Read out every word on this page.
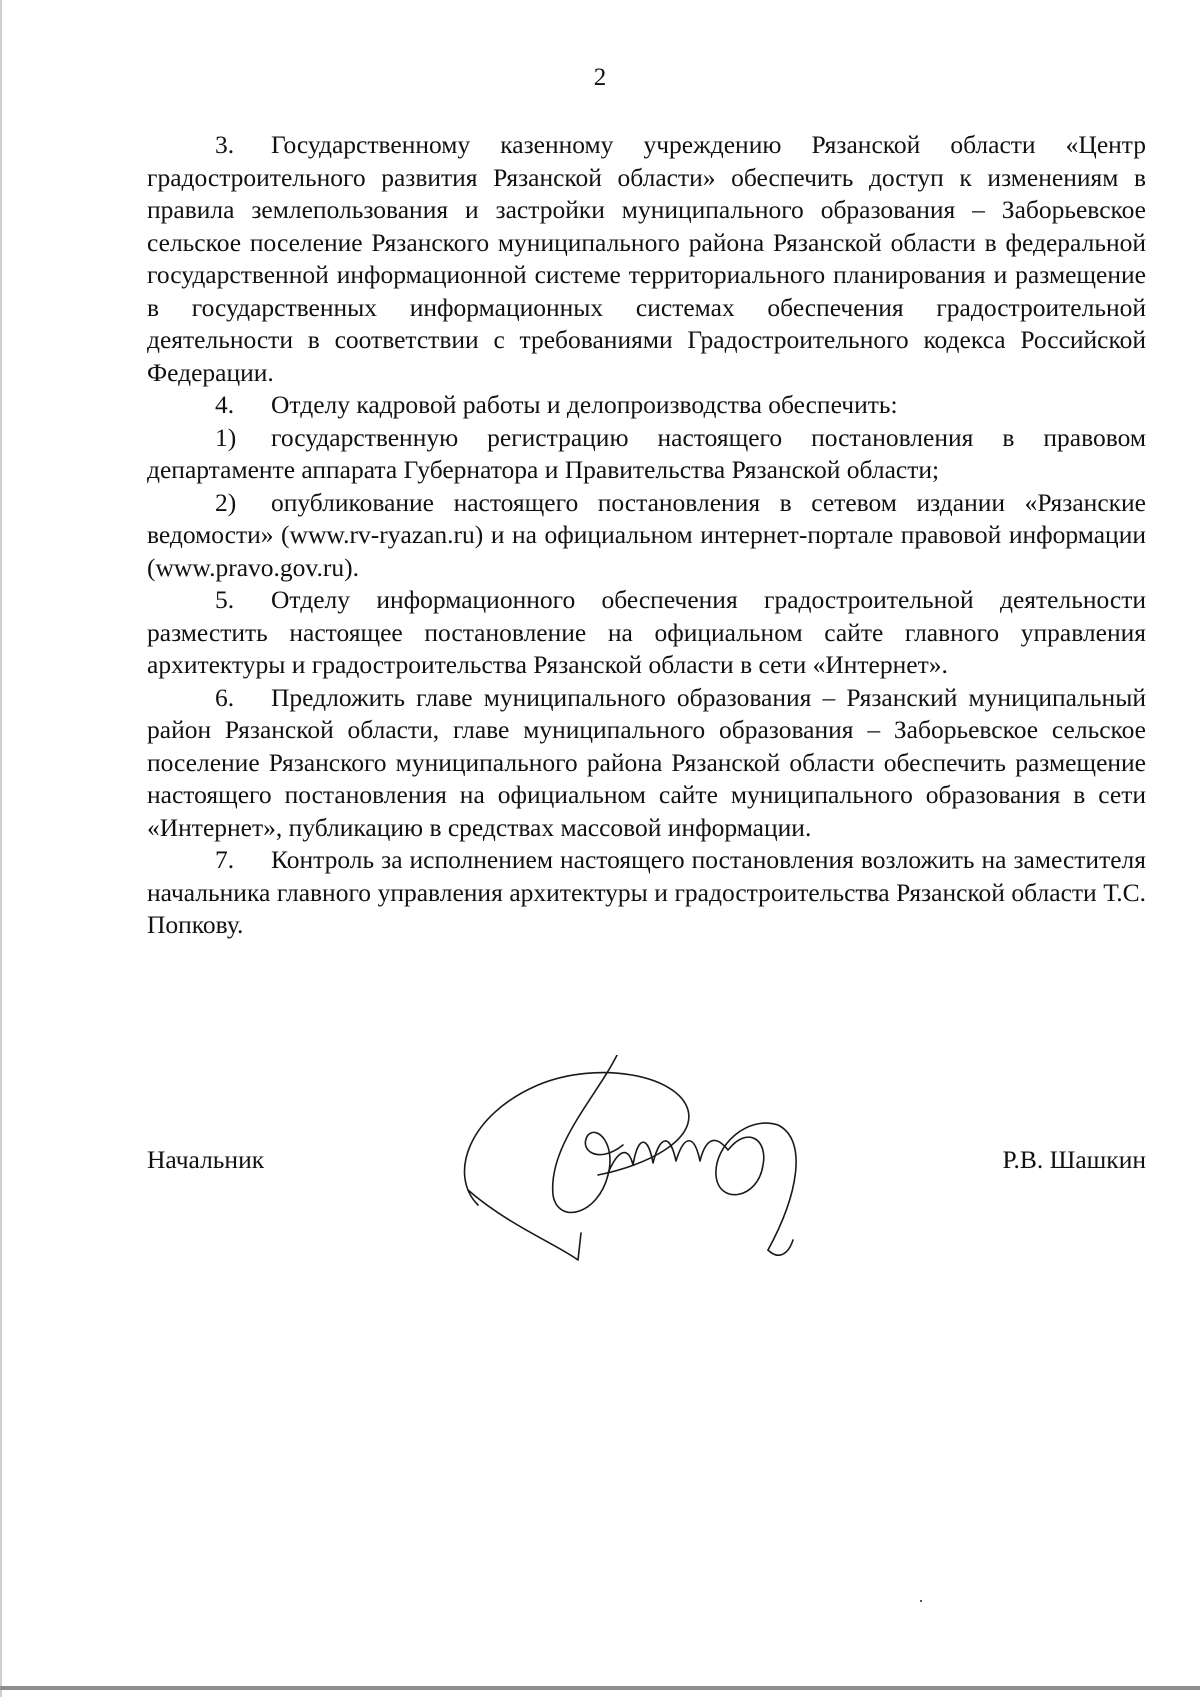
2

3. Государственному казенному учреждению Рязанской области «Центр градостроительного развития Рязанской области» обеспечить доступ к изменениям в правила землепользования и застройки муниципального образования – Заборьевское сельское поселение Рязанского муниципального района Рязанской области в федеральной государственной информационной системе территориального планирования и размещение в государственных информационных системах обеспечения градостроительной деятельности в соответствии с требованиями Градостроительного кодекса Российской Федерации.

4. Отделу кадровой работы и делопроизводства обеспечить:

1) государственную регистрацию настоящего постановления в правовом департаменте аппарата Губернатора и Правительства Рязанской области;

2) опубликование настоящего постановления в сетевом издании «Рязанские ведомости» (www.rv-ryazan.ru) и на официальном интернет-портале правовой информации (www.pravo.gov.ru).

5. Отделу информационного обеспечения градостроительной деятельности разместить настоящее постановление на официальном сайте главного управления архитектуры и градостроительства Рязанской области в сети «Интернет».

6. Предложить главе муниципального образования – Рязанский муниципальный район Рязанской области, главе муниципального образования – Заборьевское сельское поселение Рязанского муниципального района Рязанской области обеспечить размещение настоящего постановления на официальном сайте муниципального образования в сети «Интернет», публикацию в средствах массовой информации.

7. Контроль за исполнением настоящего постановления возложить на заместителя начальника главного управления архитектуры и градостроительства Рязанской области Т.С. Попкову.

Начальник	Р.В. Шашкин
